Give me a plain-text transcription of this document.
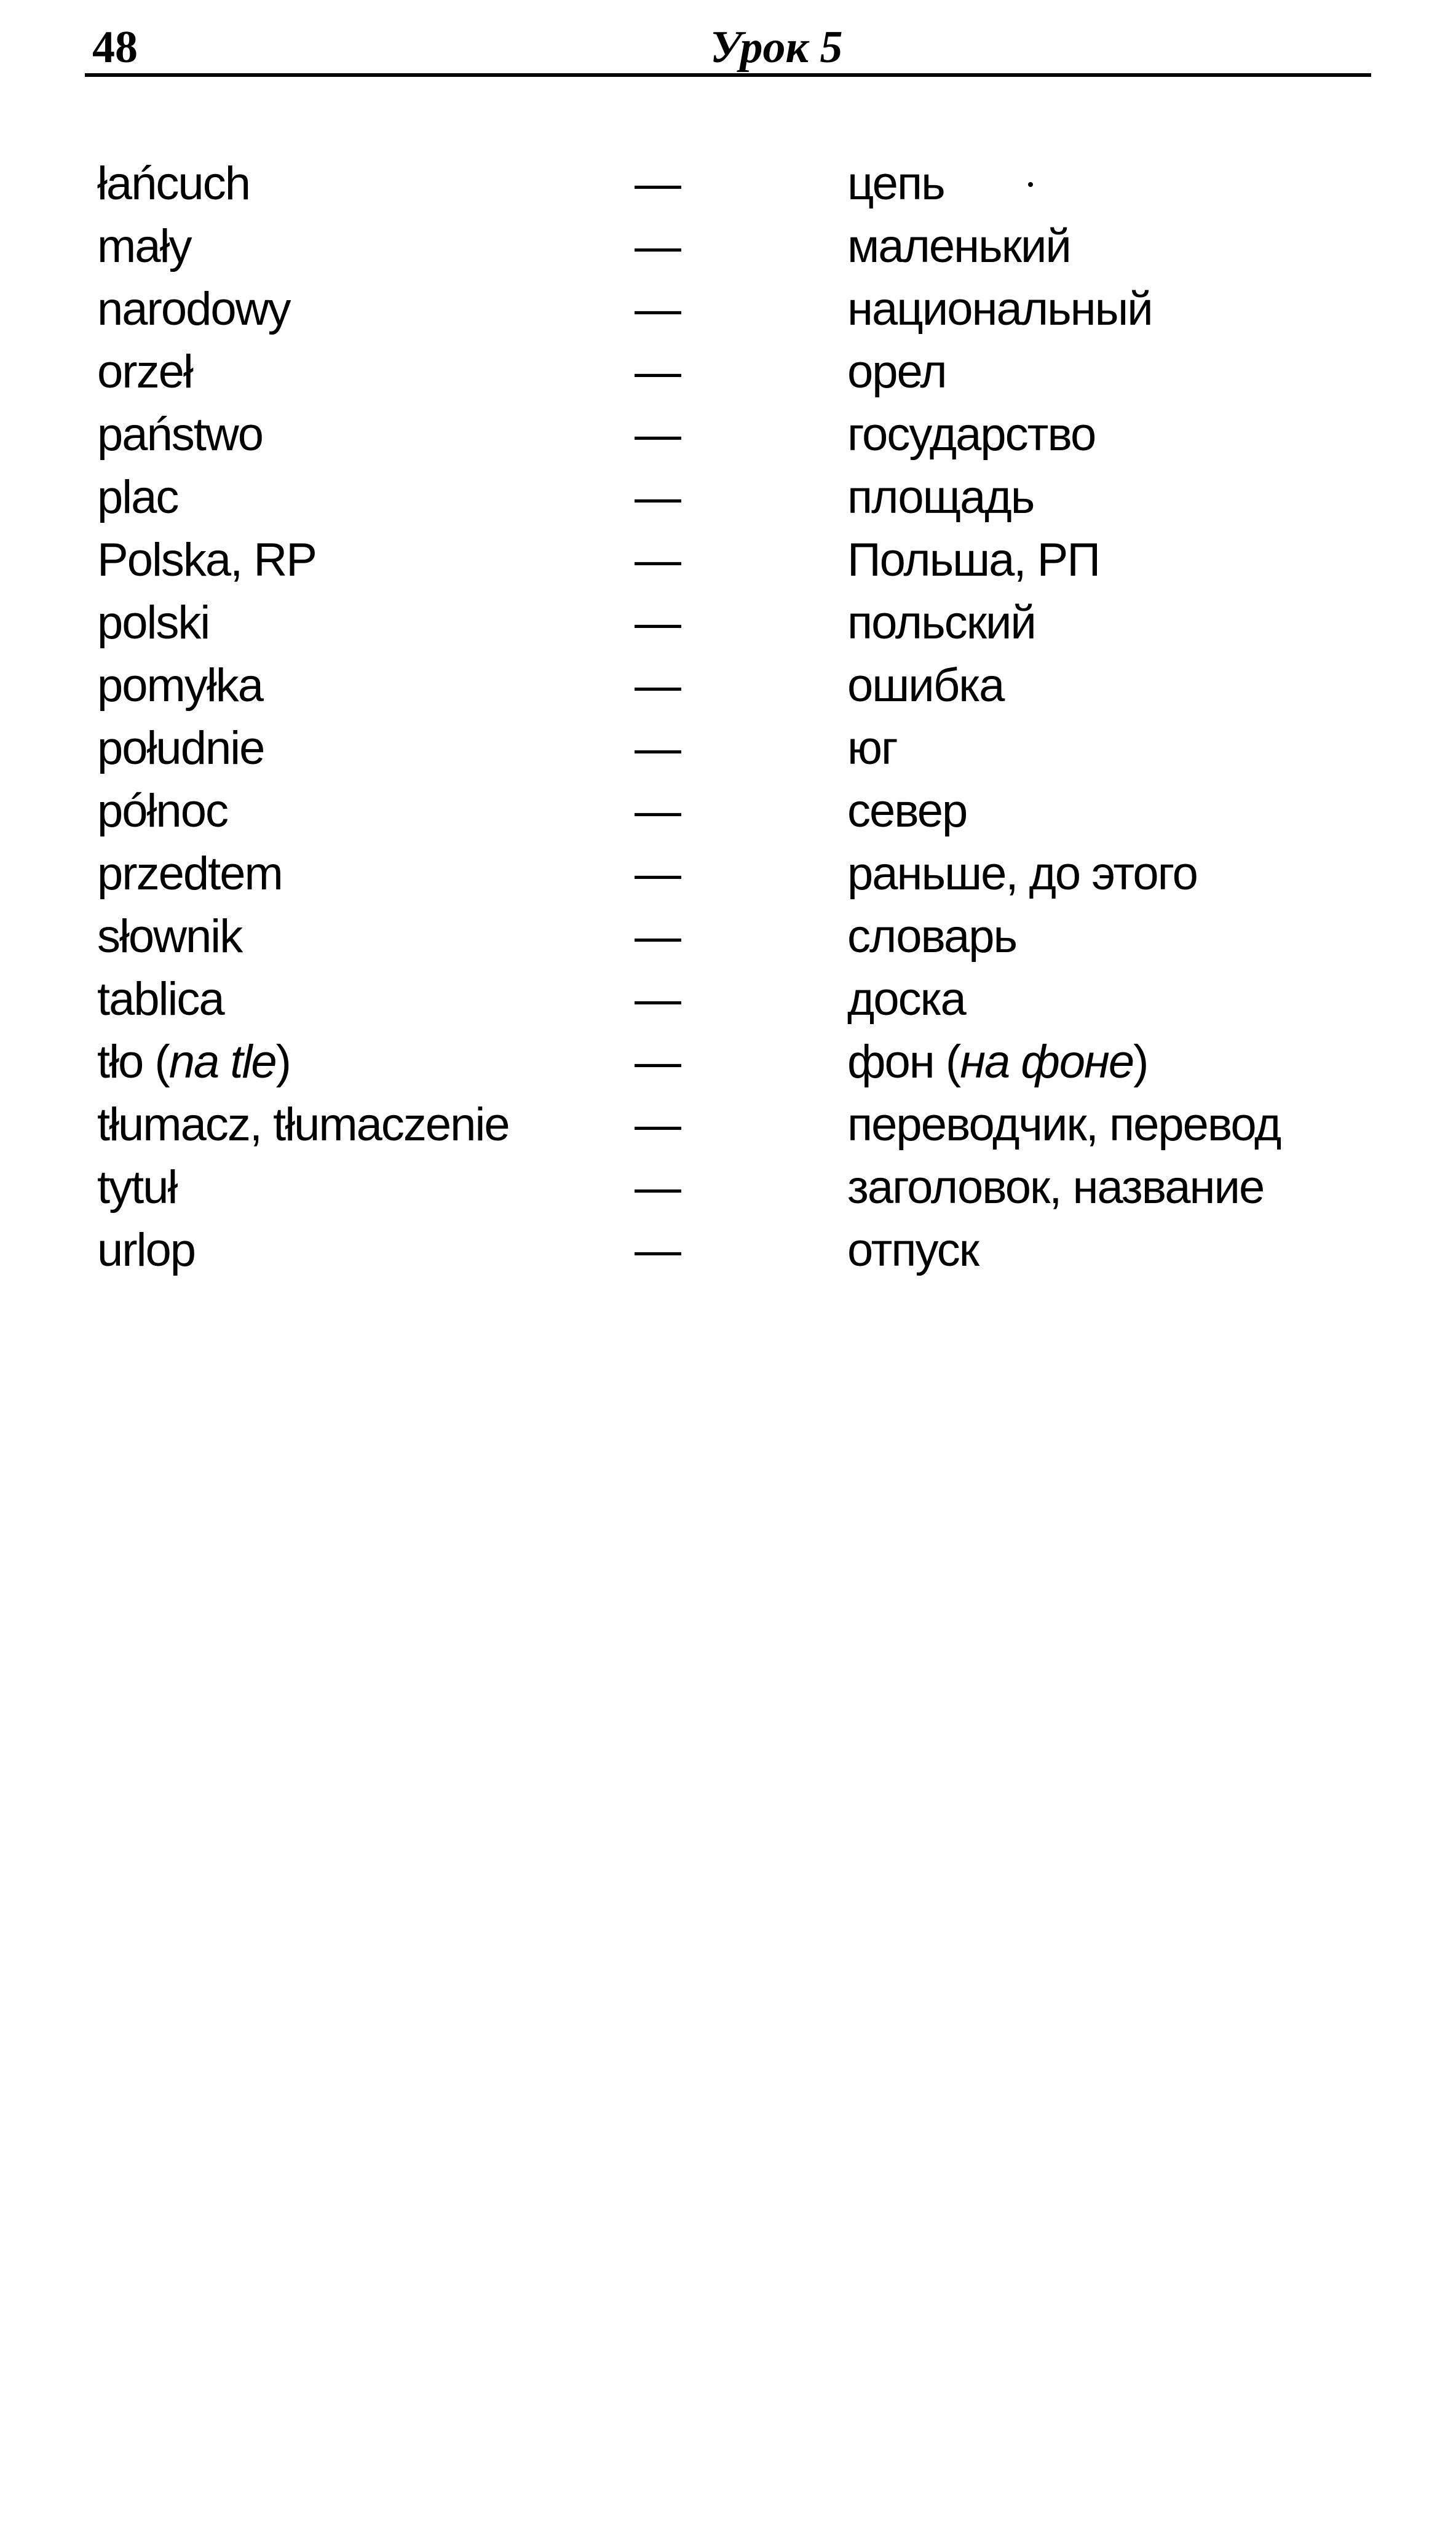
48	Урок 5
łańcuch	—	цепь
mały	—	маленький
narodowy	—	национальный
orzeł	—	орел
państwo	—	государство
plac	—	площадь
Polska, RP	—	Польша, РП
polski	—	польский
pomyłka	—	ошибка
południe	—	юг
północ	—	север
przedtem	—	раньше, до этого
słownik	—	словарь
tablica	—	доска
tło (na tle)	—	фон (на фоне)
tłumacz, tłumaczenie	—	переводчик, перевод
tytuł	—	заголовок, название
urlop	—	отпуск
